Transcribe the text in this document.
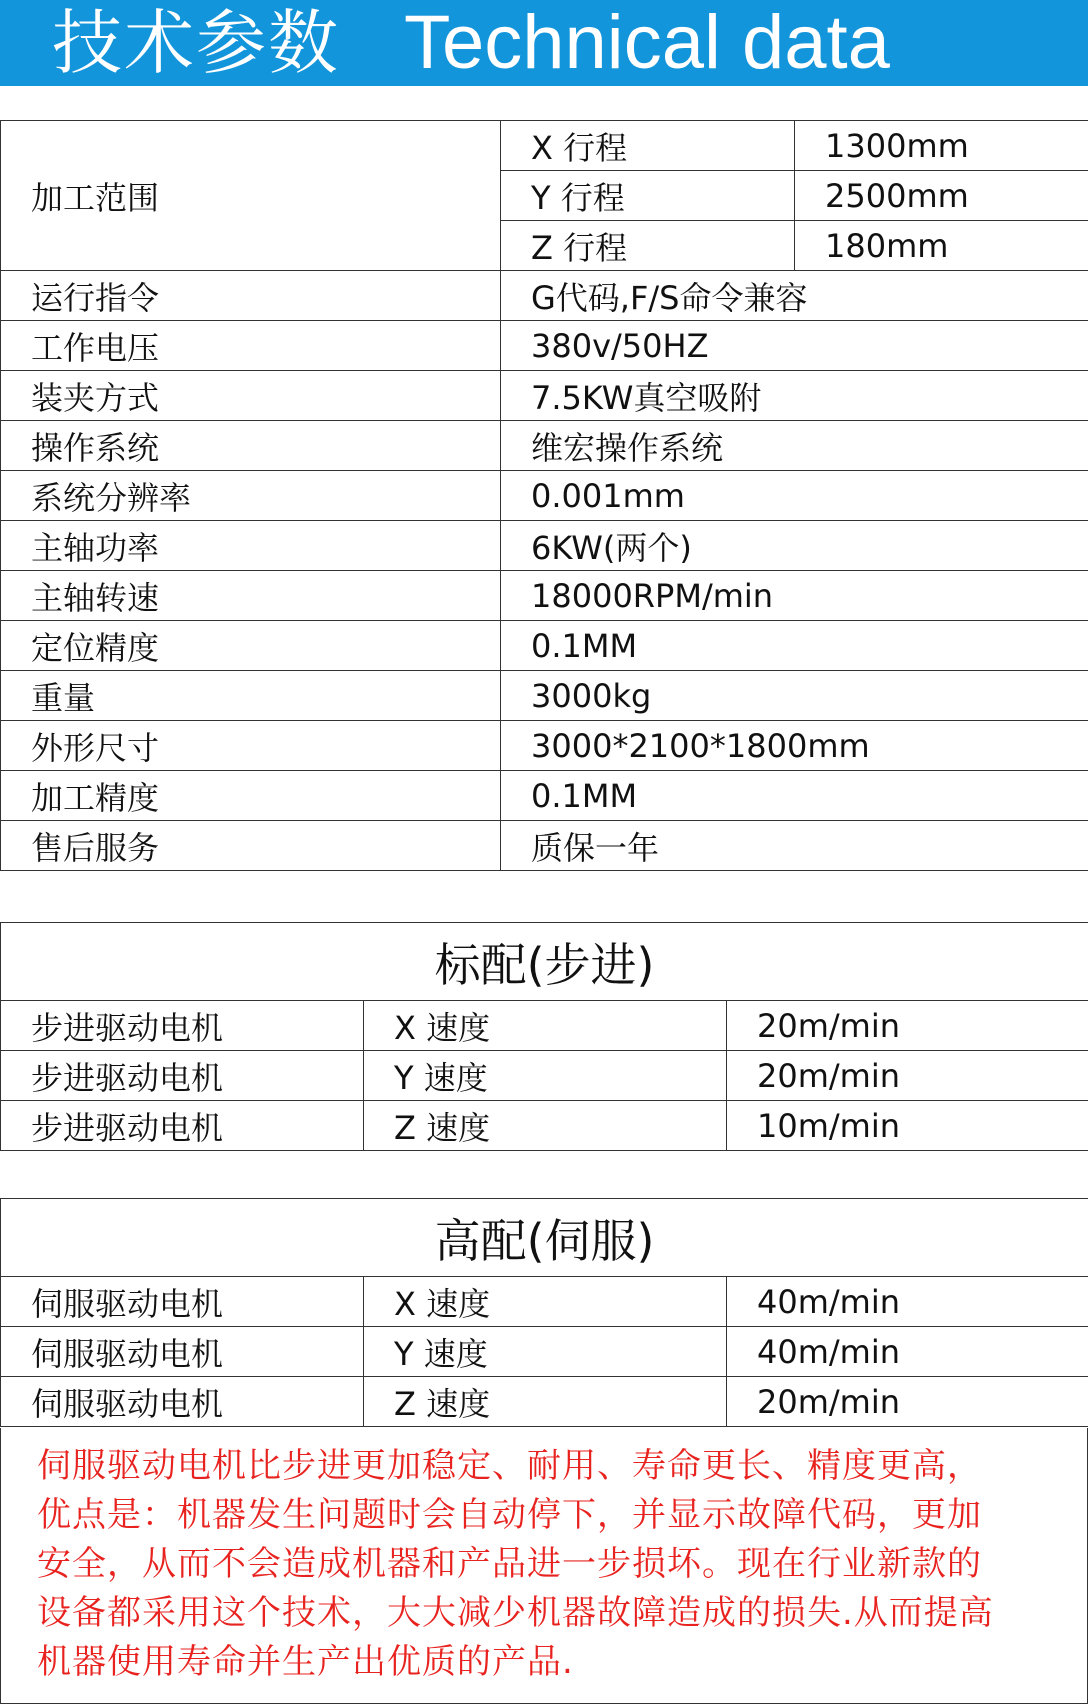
技术参数 Technical data
加工范围	X 行程	1300mm
	Y 行程	2500mm
	Z 行程	180mm
运行指令	G代码,F/S命令兼容	
工作电压	380v/50HZ	
装夹方式	7.5KW真空吸附	
操作系统	维宏操作系统	
系统分辨率	0.001mm	
主轴功率	6KW(两个)	
主轴转速	18000RPM/min	
定位精度	0.1MM	
重量	3000kg	
外形尺寸	3000*2100*1800mm	
加工精度	0.1MM	
售后服务	质保一年	
标配(步进)		
步进驱动电机	X 速度	20m/min
步进驱动电机	Y 速度	20m/min
步进驱动电机	Z 速度	10m/min
高配(伺服)		
伺服驱动电机	X 速度	40m/min
伺服驱动电机	Y 速度	40m/min
伺服驱动电机	Z 速度	20m/min
伺服驱动电机比步进更加稳定、耐用、寿命更长、精度更高，
优点是：机器发生问题时会自动停下，并显示故障代码，更加
安全，从而不会造成机器和产品进一步损坏。现在行业新款的
设备都采用这个技术，大大减少机器故障造成的损失.从而提高
机器使用寿命并生产出优质的产品.
